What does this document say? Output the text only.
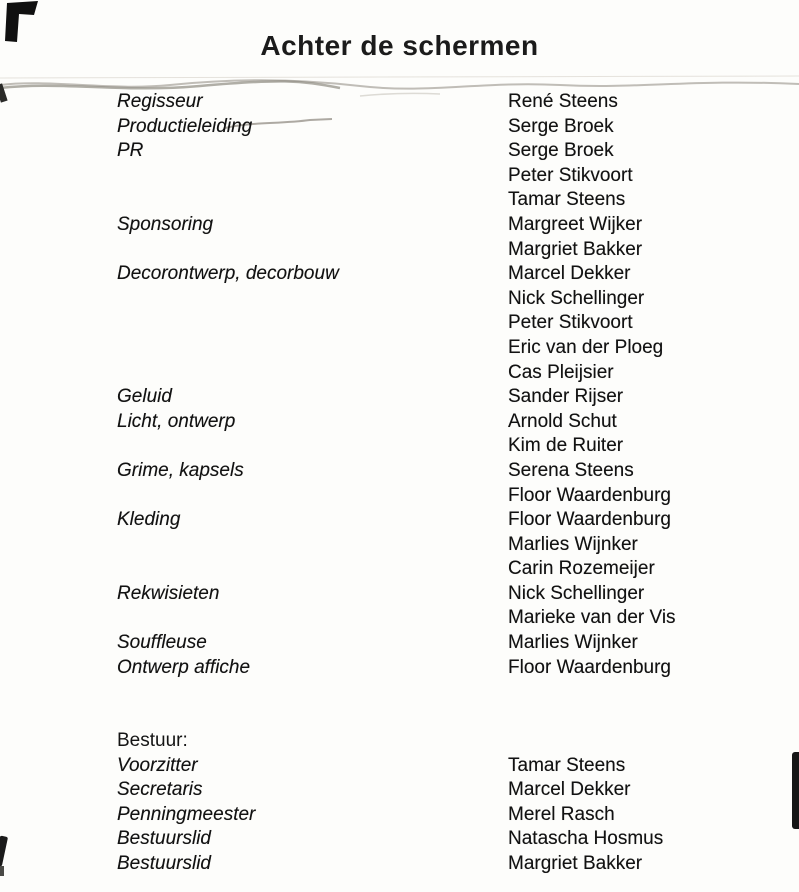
Achter de schermen
Regisseur	René Steens
Productieleiding	Serge Broek
PR	Serge Broek
Peter Stikvoort
Tamar Steens
Sponsoring	Margreet Wijker
Margriet Bakker
Decorontwerp, decorbouw	Marcel Dekker
Nick Schellinger
Peter Stikvoort
Eric van der Ploeg
Cas Pleijsier
Geluid	Sander Rijser
Licht, ontwerp	Arnold Schut
Kim de Ruiter
Grime, kapsels	Serena Steens
Floor Waardenburg
Kleding	Floor Waardenburg
Marlies Wijnker
Carin Rozemeijer
Rekwisieten	Nick Schellinger
Marieke van der Vis
Souffleuse	Marlies Wijnker
Ontwerp affiche	Floor Waardenburg
Bestuur:
Voorzitter	Tamar Steens
Secretaris	Marcel Dekker
Penningmeester	Merel Rasch
Bestuurslid	Natascha Hosmus
Bestuurslid	Margriet Bakker
